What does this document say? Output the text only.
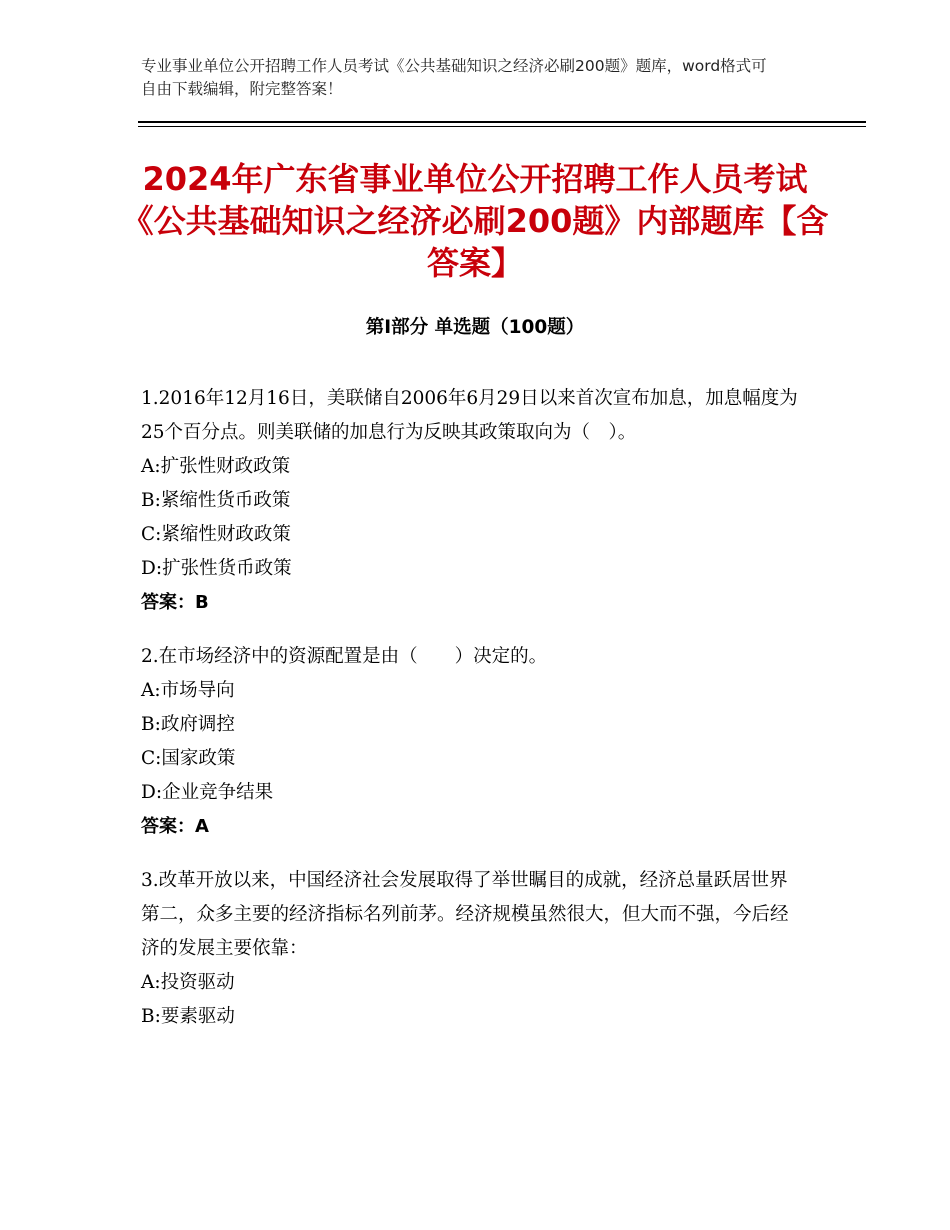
专业事业单位公开招聘工作人员考试《公共基础知识之经济必刷200题》题库，word格式可自由下载编辑，附完整答案！
2024年广东省事业单位公开招聘工作人员考试《公共基础知识之经济必刷200题》内部题库【含答案】
第Ⅰ部分 单选题（100题）
1.2016年12月16日，美联储自2006年6月29日以来首次宣布加息，加息幅度为25个百分点。则美联储的加息行为反映其政策取向为（　）。
A:扩张性财政政策
B:紧缩性货币政策
C:紧缩性财政政策
D:扩张性货币政策
答案：B
2.在市场经济中的资源配置是由（　　）决定的。
A:市场导向
B:政府调控
C:国家政策
D:企业竞争结果
答案：A
3.改革开放以来，中国经济社会发展取得了举世瞩目的成就，经济总量跃居世界第二，众多主要的经济指标名列前茅。经济规模虽然很大，但大而不强，今后经济的发展主要依靠：
A:投资驱动
B:要素驱动
